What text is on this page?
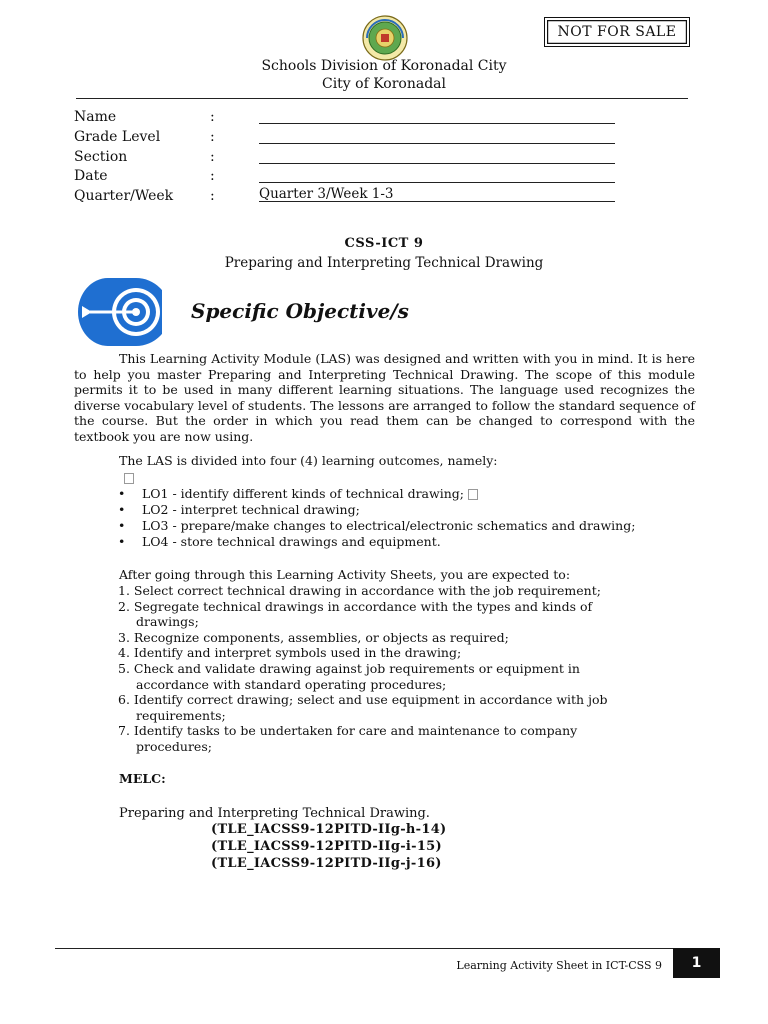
NOT FOR SALE
Schools Division of Koronadal City
City of Koronadal
Name	:
Grade Level	:
Section	:
Date	:
Quarter/Week	:	Quarter 3/Week 1-3
CSS-ICT 9
Preparing and Interpreting Technical Drawing
Specific Objective/s

This Learning Activity Module (LAS) was designed and written with you in mind. It is here to help you master Preparing and Interpreting Technical Drawing. The scope of this module permits it to be used in many different learning situations. The language used recognizes the diverse vocabulary level of students. The lessons are arranged to follow the standard sequence of the course. But the order in which you read them can be changed to correspond with the textbook you are now using.

The LAS is divided into four (4) learning outcomes, namely:
• LO1 - identify different kinds of technical drawing;
• LO2 - interpret technical drawing;
• LO3 - prepare/make changes to electrical/electronic schematics and drawing;
• LO4 - store technical drawings and equipment.
After going through this Learning Activity Sheets, you are expected to:
1. Select correct technical drawing in accordance with the job requirement;
2. Segregate technical drawings in accordance with the types and kinds of
drawings;
3. Recognize components, assemblies, or objects as required;
4. Identify and interpret symbols used in the drawing;
5. Check and validate drawing against job requirements or equipment in
accordance with standard operating procedures;
6. Identify correct drawing; select and use equipment in accordance with job
requirements;
7. Identify tasks to be undertaken for care and maintenance to company
procedures;
MELC:
Preparing and Interpreting Technical Drawing.
(TLE_IACSS9-12PITD-IIg-h-14)
(TLE_IACSS9-12PITD-IIg-i-15)
(TLE_IACSS9-12PITD-IIg-j-16)
Learning Activity Sheet in ICT-CSS 9	1
